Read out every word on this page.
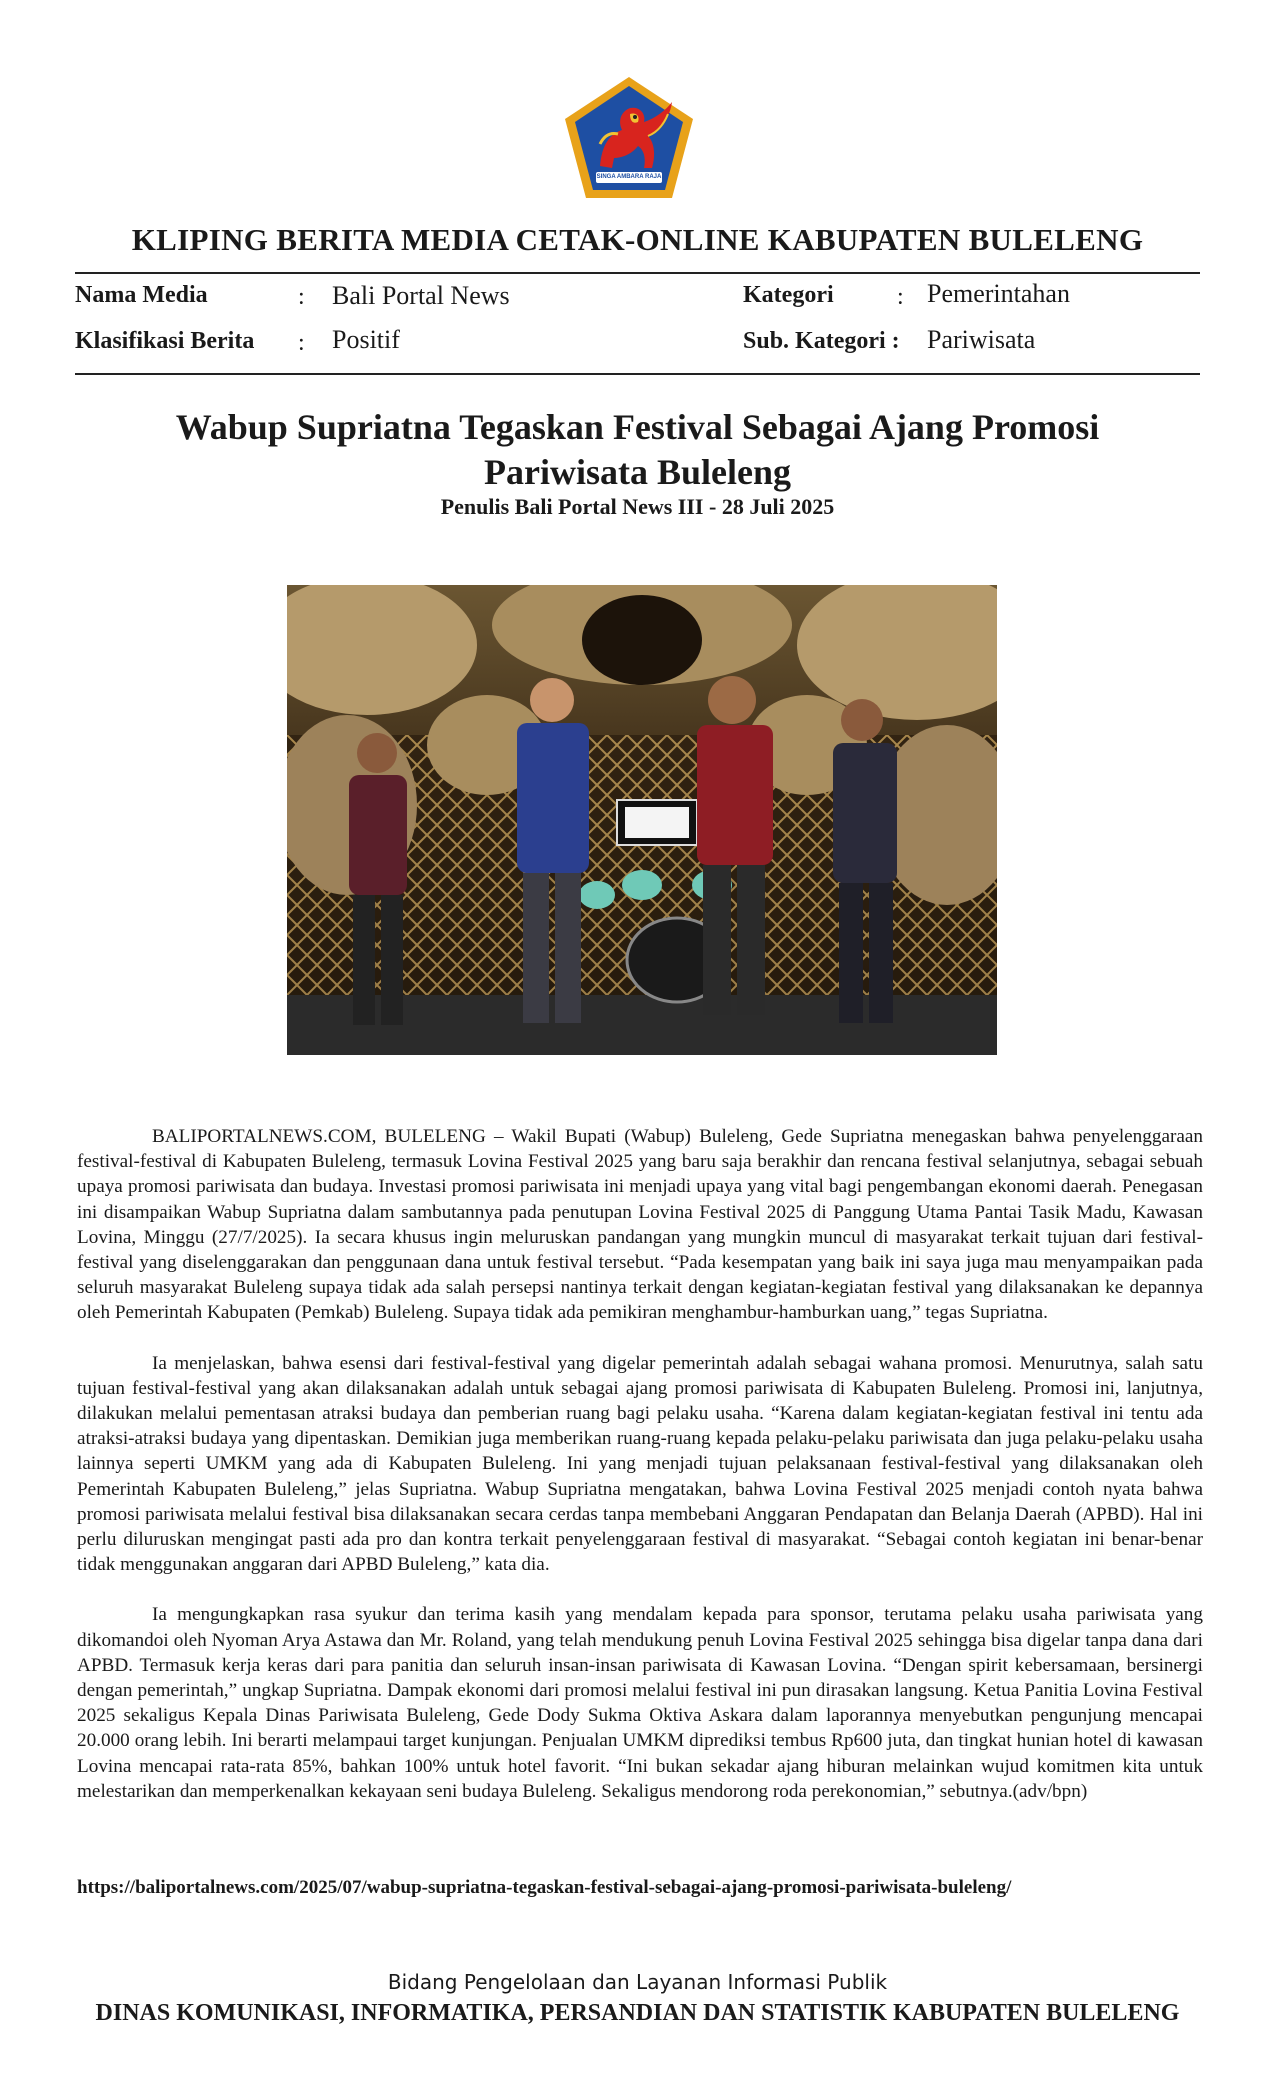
SINGA AMBARA RAJA
KLIPING BERITA MEDIA CETAK-ONLINE KABUPATEN BULELENG
Nama Media	: Bali Portal News	Kategori	: Pemerintahan
Klasifikasi Berita : Positif	Sub. Kategori : Pariwisata
Wabup Supriatna Tegaskan Festival Sebagai Ajang Promosi Pariwisata Buleleng
Penulis Bali Portal News III - 28 Juli 2025

BALIPORTALNEWS.COM, BULELENG – Wakil Bupati (Wabup) Buleleng, Gede Supriatna menegaskan bahwa penyelenggaraan festival-festival di Kabupaten Buleleng, termasuk Lovina Festival 2025 yang baru saja berakhir dan rencana festival selanjutnya, sebagai sebuah upaya promosi pariwisata dan budaya. Investasi promosi pariwisata ini menjadi upaya yang vital bagi pengembangan ekonomi daerah. Penegasan ini disampaikan Wabup Supriatna dalam sambutannya pada penutupan Lovina Festival 2025 di Panggung Utama Pantai Tasik Madu, Kawasan Lovina, Minggu (27/7/2025). Ia secara khusus ingin meluruskan pandangan yang mungkin muncul di masyarakat terkait tujuan dari festival-festival yang diselenggarakan dan penggunaan dana untuk festival tersebut. “Pada kesempatan yang baik ini saya juga mau menyampaikan pada seluruh masyarakat Buleleng supaya tidak ada salah persepsi nantinya terkait dengan kegiatan-kegiatan festival yang dilaksanakan ke depannya oleh Pemerintah Kabupaten (Pemkab) Buleleng. Supaya tidak ada pemikiran menghambur-hamburkan uang,” tegas Supriatna.

Ia menjelaskan, bahwa esensi dari festival-festival yang digelar pemerintah adalah sebagai wahana promosi. Menurutnya, salah satu tujuan festival-festival yang akan dilaksanakan adalah untuk sebagai ajang promosi pariwisata di Kabupaten Buleleng. Promosi ini, lanjutnya, dilakukan melalui pementasan atraksi budaya dan pemberian ruang bagi pelaku usaha. “Karena dalam kegiatan-kegiatan festival ini tentu ada atraksi-atraksi budaya yang dipentaskan. Demikian juga memberikan ruang-ruang kepada pelaku-pelaku pariwisata dan juga pelaku-pelaku usaha lainnya seperti UMKM yang ada di Kabupaten Buleleng. Ini yang menjadi tujuan pelaksanaan festival-festival yang dilaksanakan oleh Pemerintah Kabupaten Buleleng,” jelas Supriatna. Wabup Supriatna mengatakan, bahwa Lovina Festival 2025 menjadi contoh nyata bahwa promosi pariwisata melalui festival bisa dilaksanakan secara cerdas tanpa membebani Anggaran Pendapatan dan Belanja Daerah (APBD). Hal ini perlu diluruskan mengingat pasti ada pro dan kontra terkait penyelenggaraan festival di masyarakat. “Sebagai contoh kegiatan ini benar-benar tidak menggunakan anggaran dari APBD Buleleng,” kata dia.

Ia mengungkapkan rasa syukur dan terima kasih yang mendalam kepada para sponsor, terutama pelaku usaha pariwisata yang dikomandoi oleh Nyoman Arya Astawa dan Mr. Roland, yang telah mendukung penuh Lovina Festival 2025 sehingga bisa digelar tanpa dana dari APBD. Termasuk kerja keras dari para panitia dan seluruh insan-insan pariwisata di Kawasan Lovina. “Dengan spirit kebersamaan, bersinergi dengan pemerintah,” ungkap Supriatna. Dampak ekonomi dari promosi melalui festival ini pun dirasakan langsung. Ketua Panitia Lovina Festival 2025 sekaligus Kepala Dinas Pariwisata Buleleng, Gede Dody Sukma Oktiva Askara dalam laporannya menyebutkan pengunjung mencapai 20.000 orang lebih. Ini berarti melampaui target kunjungan. Penjualan UMKM diprediksi tembus Rp600 juta, dan tingkat hunian hotel di kawasan Lovina mencapai rata-rata 85%, bahkan 100% untuk hotel favorit. “Ini bukan sekadar ajang hiburan melainkan wujud komitmen kita untuk melestarikan dan memperkenalkan kekayaan seni budaya Buleleng. Sekaligus mendorong roda perekonomian,” sebutnya.(adv/bpn)

https://baliportalnews.com/2025/07/wabup-supriatna-tegaskan-festival-sebagai-ajang-promosi-pariwisata-buleleng/
Bidang Pengelolaan dan Layanan Informasi Publik
DINAS KOMUNIKASI, INFORMATIKA, PERSANDIAN DAN STATISTIK KABUPATEN BULELENG
